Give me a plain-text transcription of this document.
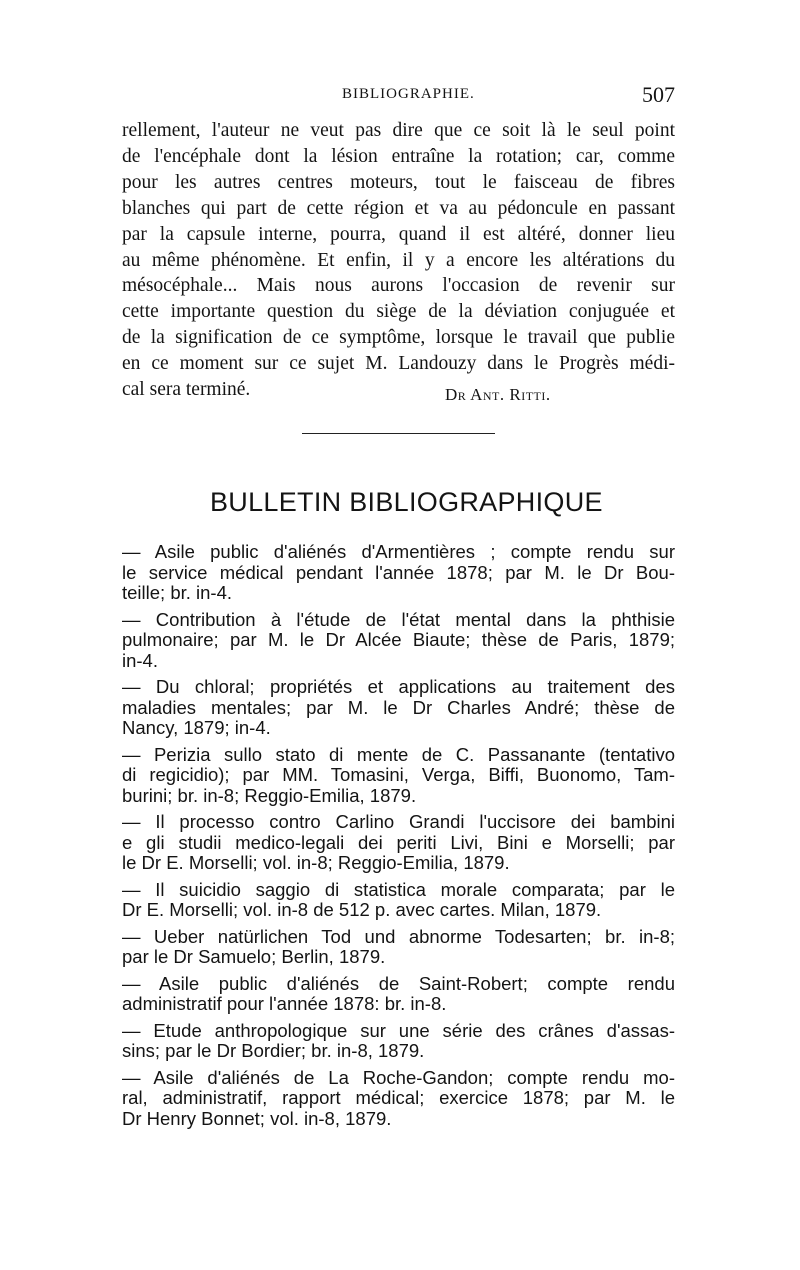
BIBLIOGRAPHIE.	507
rellement, l'auteur ne veut pas dire que ce soit là le seul point
de l'encéphale dont la lésion entraîne la rotation; car, comme
pour les autres centres moteurs, tout le faisceau de fibres
blanches qui part de cette région et va au pédoncule en passant
par la capsule interne, pourra, quand il est altéré, donner lieu
au même phénomène. Et enfin, il y a encore les altérations du
mésocéphale... Mais nous aurons l'occasion de revenir sur
cette importante question du siège de la déviation conjuguée et
de la signification de ce symptôme, lorsque le travail que publie
en ce moment sur ce sujet M. Landouzy dans le Progrès médi-
cal sera terminé.	Dr Ant. Ritti.
BULLETIN BIBLIOGRAPHIQUE
— Asile public d'aliénés d'Armentières ; compte rendu sur
le service médical pendant l'année 1878; par M. le Dr Bou-
teille; br. in-4.
— Contribution à l'étude de l'état mental dans la phthisie
pulmonaire; par M. le Dr Alcée Biaute; thèse de Paris, 1879;
in-4.
— Du chloral; propriétés et applications au traitement des
maladies mentales; par M. le Dr Charles André; thèse de
Nancy, 1879; in-4.
— Perizia sullo stato di mente de C. Passanante (tentativo
di regicidio); par MM. Tomasini, Verga, Biffi, Buonomo, Tam-
burini; br. in-8; Reggio-Emilia, 1879.
— Il processo contro Carlino Grandi l'uccisore dei bambini
e gli studii medico-legali dei periti Livi, Bini e Morselli; par
le Dr E. Morselli; vol. in-8; Reggio-Emilia, 1879.
— Il suicidio saggio di statistica morale comparata; par le
Dr E. Morselli; vol. in-8 de 512 p. avec cartes. Milan, 1879.
— Ueber natürlichen Tod und abnorme Todesarten; br. in-8;
par le Dr Samuelo; Berlin, 1879.
— Asile public d'aliénés de Saint-Robert; compte rendu
administratif pour l'année 1878: br. in-8.
— Etude anthropologique sur une série des crânes d'assas-
sins; par le Dr Bordier; br. in-8, 1879.
— Asile d'aliénés de La Roche-Gandon; compte rendu mo-
ral, administratif, rapport médical; exercice 1878; par M. le
Dr Henry Bonnet; vol. in-8, 1879.
